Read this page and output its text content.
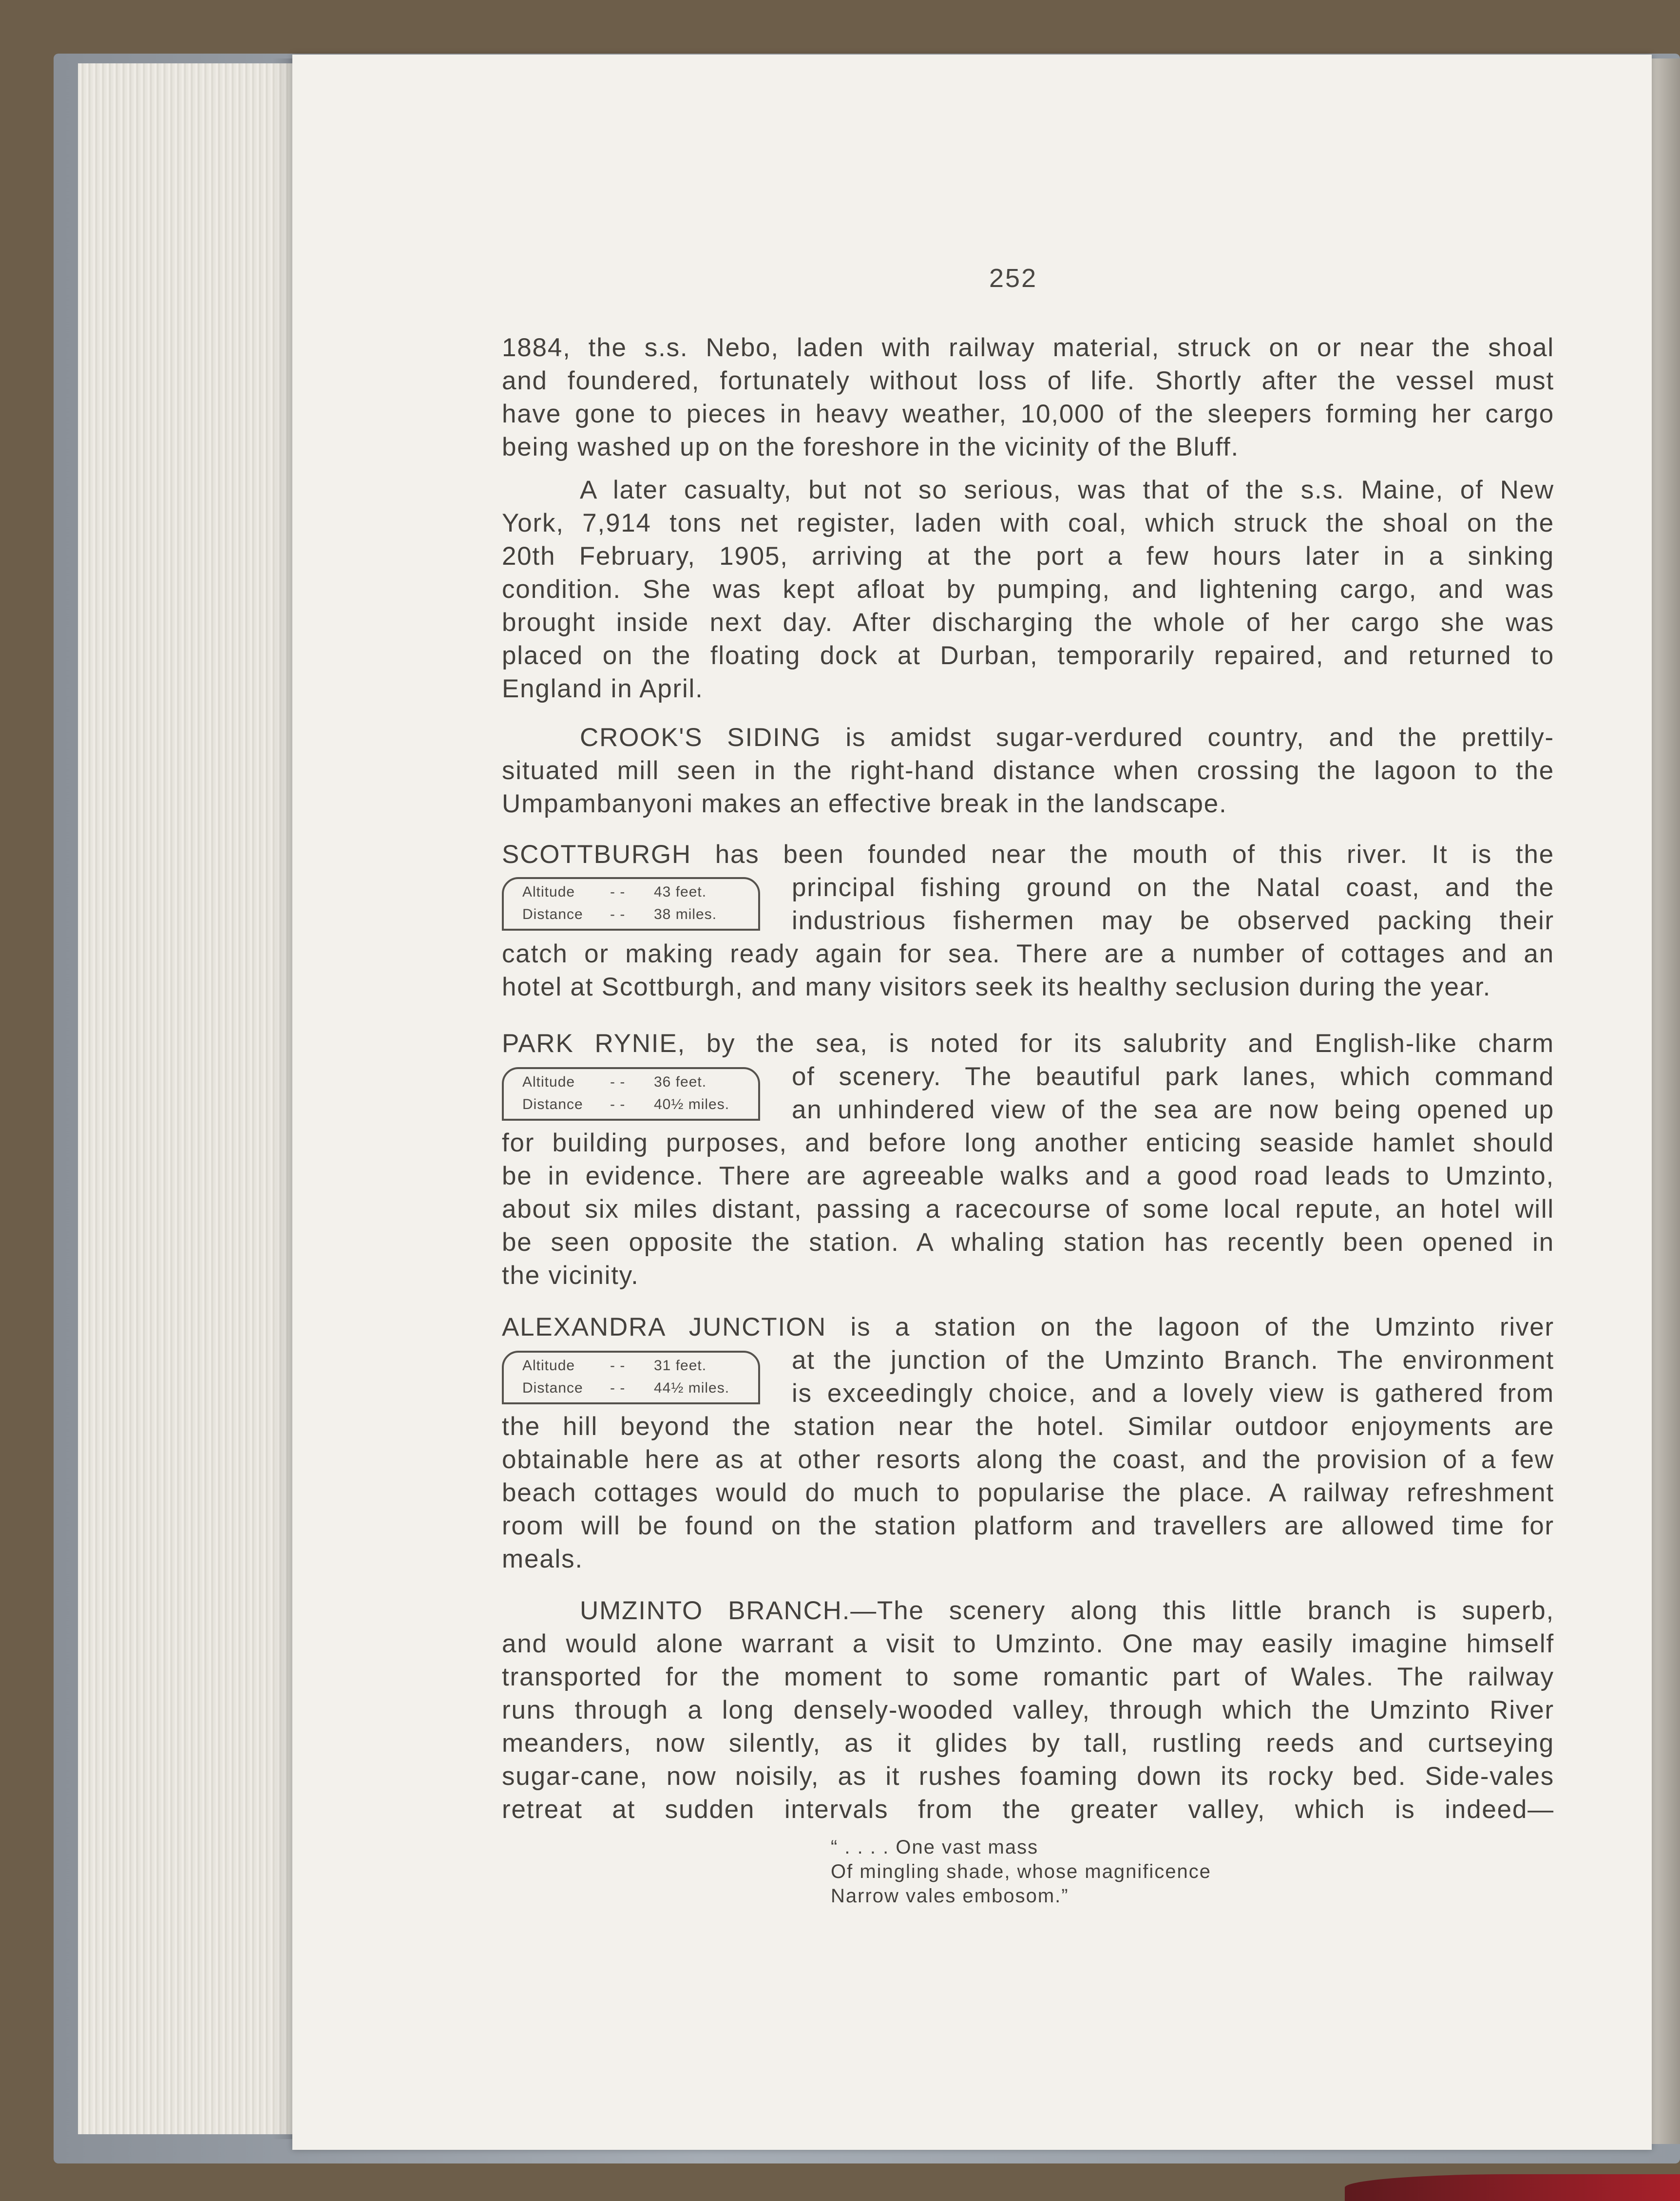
252
1884, the s.s. Nebo, laden with railway material, struck on or near the shoal
and foundered, fortunately without loss of life. Shortly after the vessel must
have gone to pieces in heavy weather, 10,000 of the sleepers forming her cargo
being washed up on the foreshore in the vicinity of the Bluff.
A later casualty, but not so serious, was that of the s.s. Maine, of New
York, 7,914 tons net register, laden with coal, which struck the shoal on the
20th February, 1905, arriving at the port a few hours later in a sinking
condition. She was kept afloat by pumping, and lightening cargo, and was
brought inside next day. After discharging the whole of her cargo she was
placed on the floating dock at Durban, temporarily repaired, and returned to
England in April.
CROOK'S SIDING is amidst sugar-verdured country, and the prettily-
situated mill seen in the right-hand distance when crossing the lagoon to the
Umpambanyoni makes an effective break in the landscape.
SCOTTBURGH has been founded near the mouth of this river. It is the
principal fishing ground on the Natal coast, and the
industrious fishermen may be observed packing their
catch or making ready again for sea. There are a number of cottages and an
hotel at Scottburgh, and many visitors seek its healthy seclusion during the year.
Altitude - - 43 feet.
Distance - - 38 miles.
PARK RYNIE, by the sea, is noted for its salubrity and English-like charm
of scenery. The beautiful park lanes, which command
an unhindered view of the sea are now being opened up
for building purposes, and before long another enticing seaside hamlet should
be in evidence. There are agreeable walks and a good road leads to Umzinto,
about six miles distant, passing a racecourse of some local repute, an hotel will
be seen opposite the station. A whaling station has recently been opened in
the vicinity.
Altitude - - 36 feet.
Distance - - 40½ miles.
ALEXANDRA JUNCTION is a station on the lagoon of the Umzinto river
at the junction of the Umzinto Branch. The environment
is exceedingly choice, and a lovely view is gathered from
the hill beyond the station near the hotel. Similar outdoor enjoyments are
obtainable here as at other resorts along the coast, and the provision of a few
beach cottages would do much to popularise the place. A railway refreshment
room will be found on the station platform and travellers are allowed time for
meals.
Altitude - - 31 feet.
Distance - - 44½ miles.
UMZINTO BRANCH.—The scenery along this little branch is superb,
and would alone warrant a visit to Umzinto. One may easily imagine himself
transported for the moment to some romantic part of Wales. The railway
runs through a long densely-wooded valley, through which the Umzinto River
meanders, now silently, as it glides by tall, rustling reeds and curtseying
sugar-cane, now noisily, as it rushes foaming down its rocky bed. Side-vales
retreat at sudden intervals from the greater valley, which is indeed—
“ . . . . One vast mass
Of mingling shade, whose magnificence
Narrow vales embosom.”
